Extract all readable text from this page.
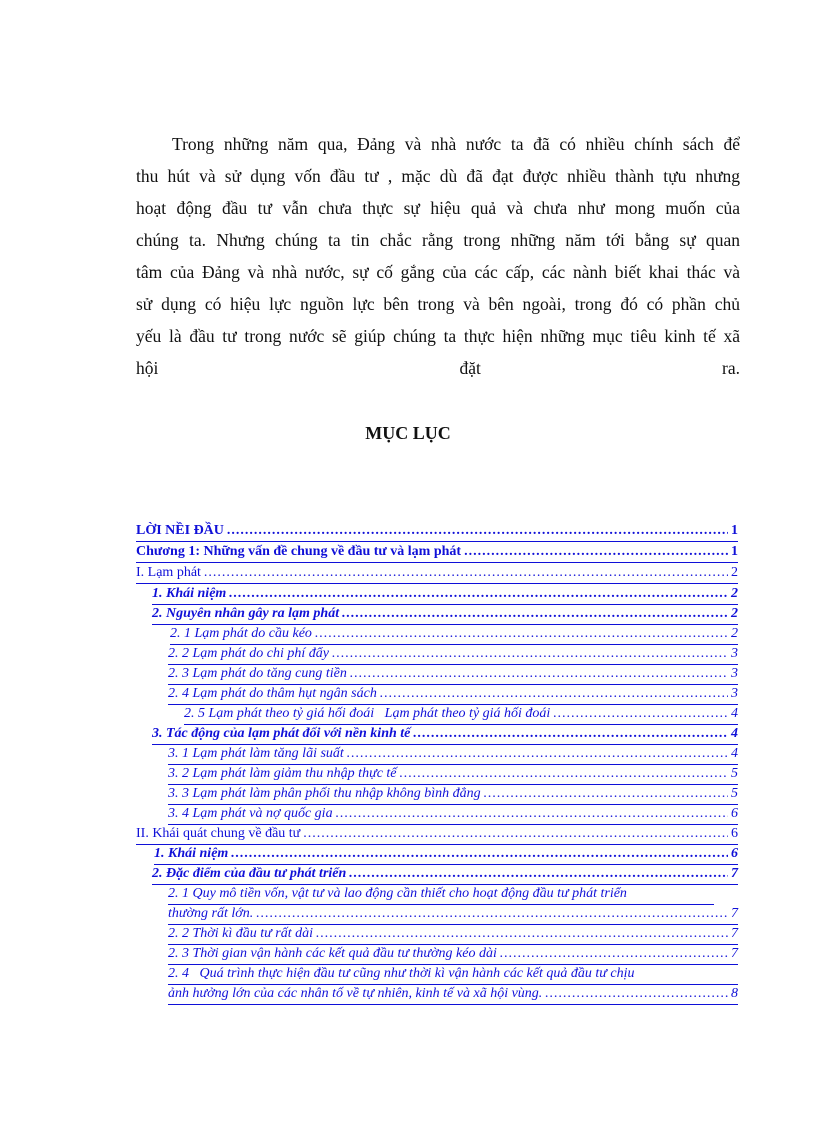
Trong những năm qua, Đảng và nhà nước ta đã có nhiều chính sách để
thu hút và sử dụng vốn đầu tư , mặc dù đã đạt được nhiều thành tựu nhưng
hoạt động đầu tư vẫn chưa thực sự hiệu quả và chưa như mong muốn của
chúng ta. Nhưng chúng ta tin chắc rằng trong những năm tới bằng sự quan
tâm của Đảng và nhà nước, sự cố gắng của các cấp, các nành biết khai thác và
sử dụng có hiệu lực nguồn lực bên trong và bên ngoài, trong đó có phần chủ
yếu là đầu tư trong nước sẽ giúp chúng ta thực hiện những mục tiêu kinh tế xã
hội	đặt	ra.
MỤC LỤC
LỜI NỀI ĐẦU .....	1
Chương 1: Những vấn đề chung về đầu tư và lạm phát .....	1
I. Lạm phát .....	2
1. Khái niệm .....	2
2. Nguyên nhân gây ra lạm phát .....	2
2. 1 Lạm phát do cầu kéo .....	2
2. 2 Lạm phát do chi phí đẩy .....	3
2. 3 Lạm phát do tăng cung tiền .....	3
2. 4 Lạm phát do thâm hụt ngân sách .....	3
2. 5 Lạm phát theo tỷ giá hối đoái   Lạm phát theo tỷ giá hối đoái .....	4
3. Tác động của lạm phát đối với nền kinh tế .....	4
3. 1 Lạm phát làm tăng lãi suất .....	4
3. 2 Lạm phát làm giảm thu nhập thực tế .....	5
3. 3 Lạm phát làm phân phối thu nhập không bình đẳng .....	5
3. 4 Lạm phát và nợ quốc gia .....	6
II. Khái quát chung về đầu tư .....	6
1. Khái niệm .....	6
2. Đặc điểm của đầu tư phát triển .....	7
2. 1 Quy mô tiền vốn, vật tư và lao động cần thiết cho hoạt động đầu tư phát triển
thường rất lớn. .....	7
2. 2 Thời kì đầu tư rất dài .....	7
2. 3 Thời gian vận hành các kết quả đầu tư thường kéo dài .....	7
2. 4   Quá trình thực hiện đầu tư cũng như thời kì vận hành các kết quả đầu tư chịu
ảnh hưởng lớn của các nhân tố về tự nhiên, kinh tế và xã hội vùng. .....	8
